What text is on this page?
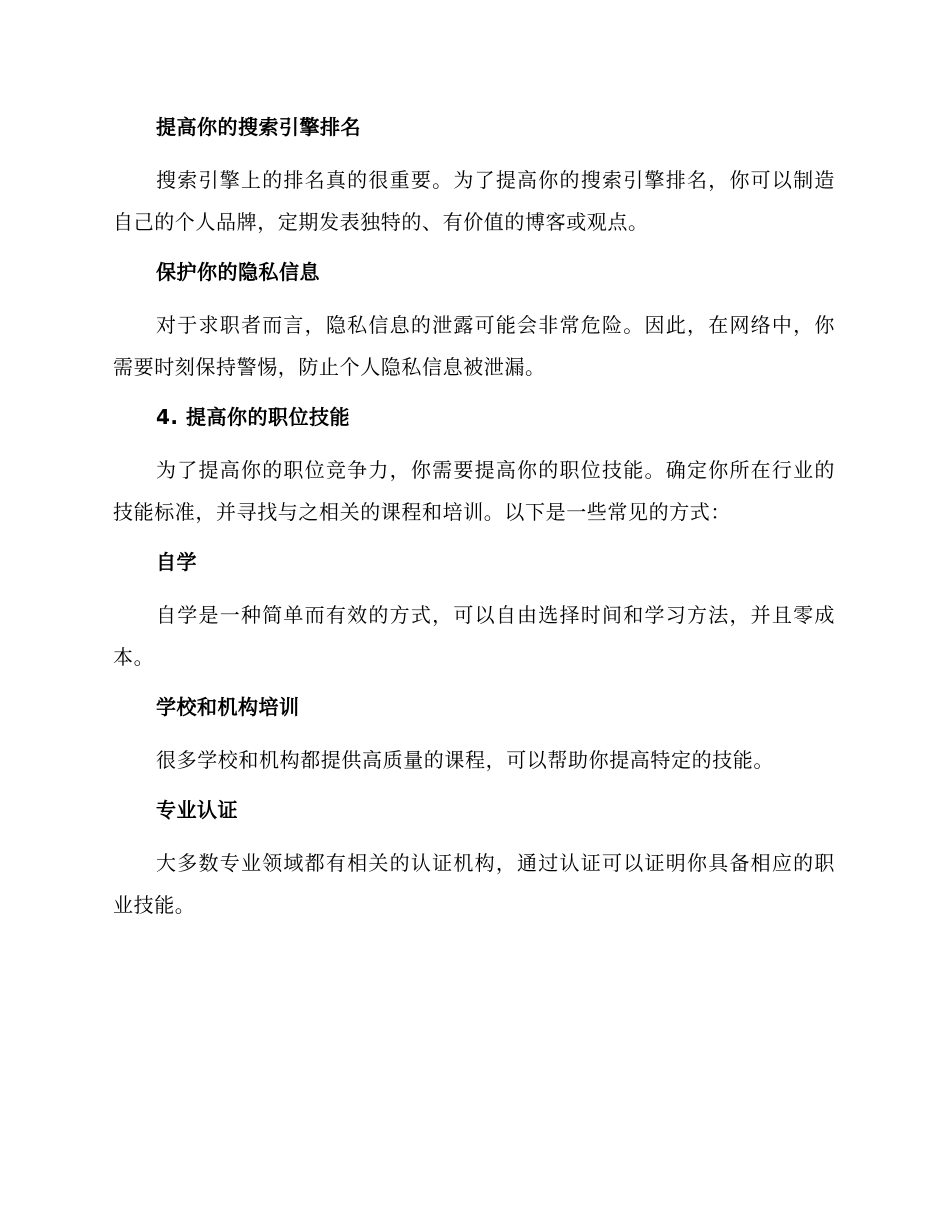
提高你的搜索引擎排名

搜索引擎上的排名真的很重要。为了提高你的搜索引擎排名，你可以制造自己的个人品牌，定期发表独特的、有价值的博客或观点。

保护你的隐私信息

对于求职者而言，隐私信息的泄露可能会非常危险。因此，在网络中，你需要时刻保持警惕，防止个人隐私信息被泄漏。

4. 提高你的职位技能

为了提高你的职位竞争力，你需要提高你的职位技能。确定你所在行业的技能标准，并寻找与之相关的课程和培训。以下是一些常见的方式：

自学

自学是一种简单而有效的方式，可以自由选择时间和学习方法，并且零成本。

学校和机构培训

很多学校和机构都提供高质量的课程，可以帮助你提高特定的技能。

专业认证

大多数专业领域都有相关的认证机构，通过认证可以证明你具备相应的职业技能。
